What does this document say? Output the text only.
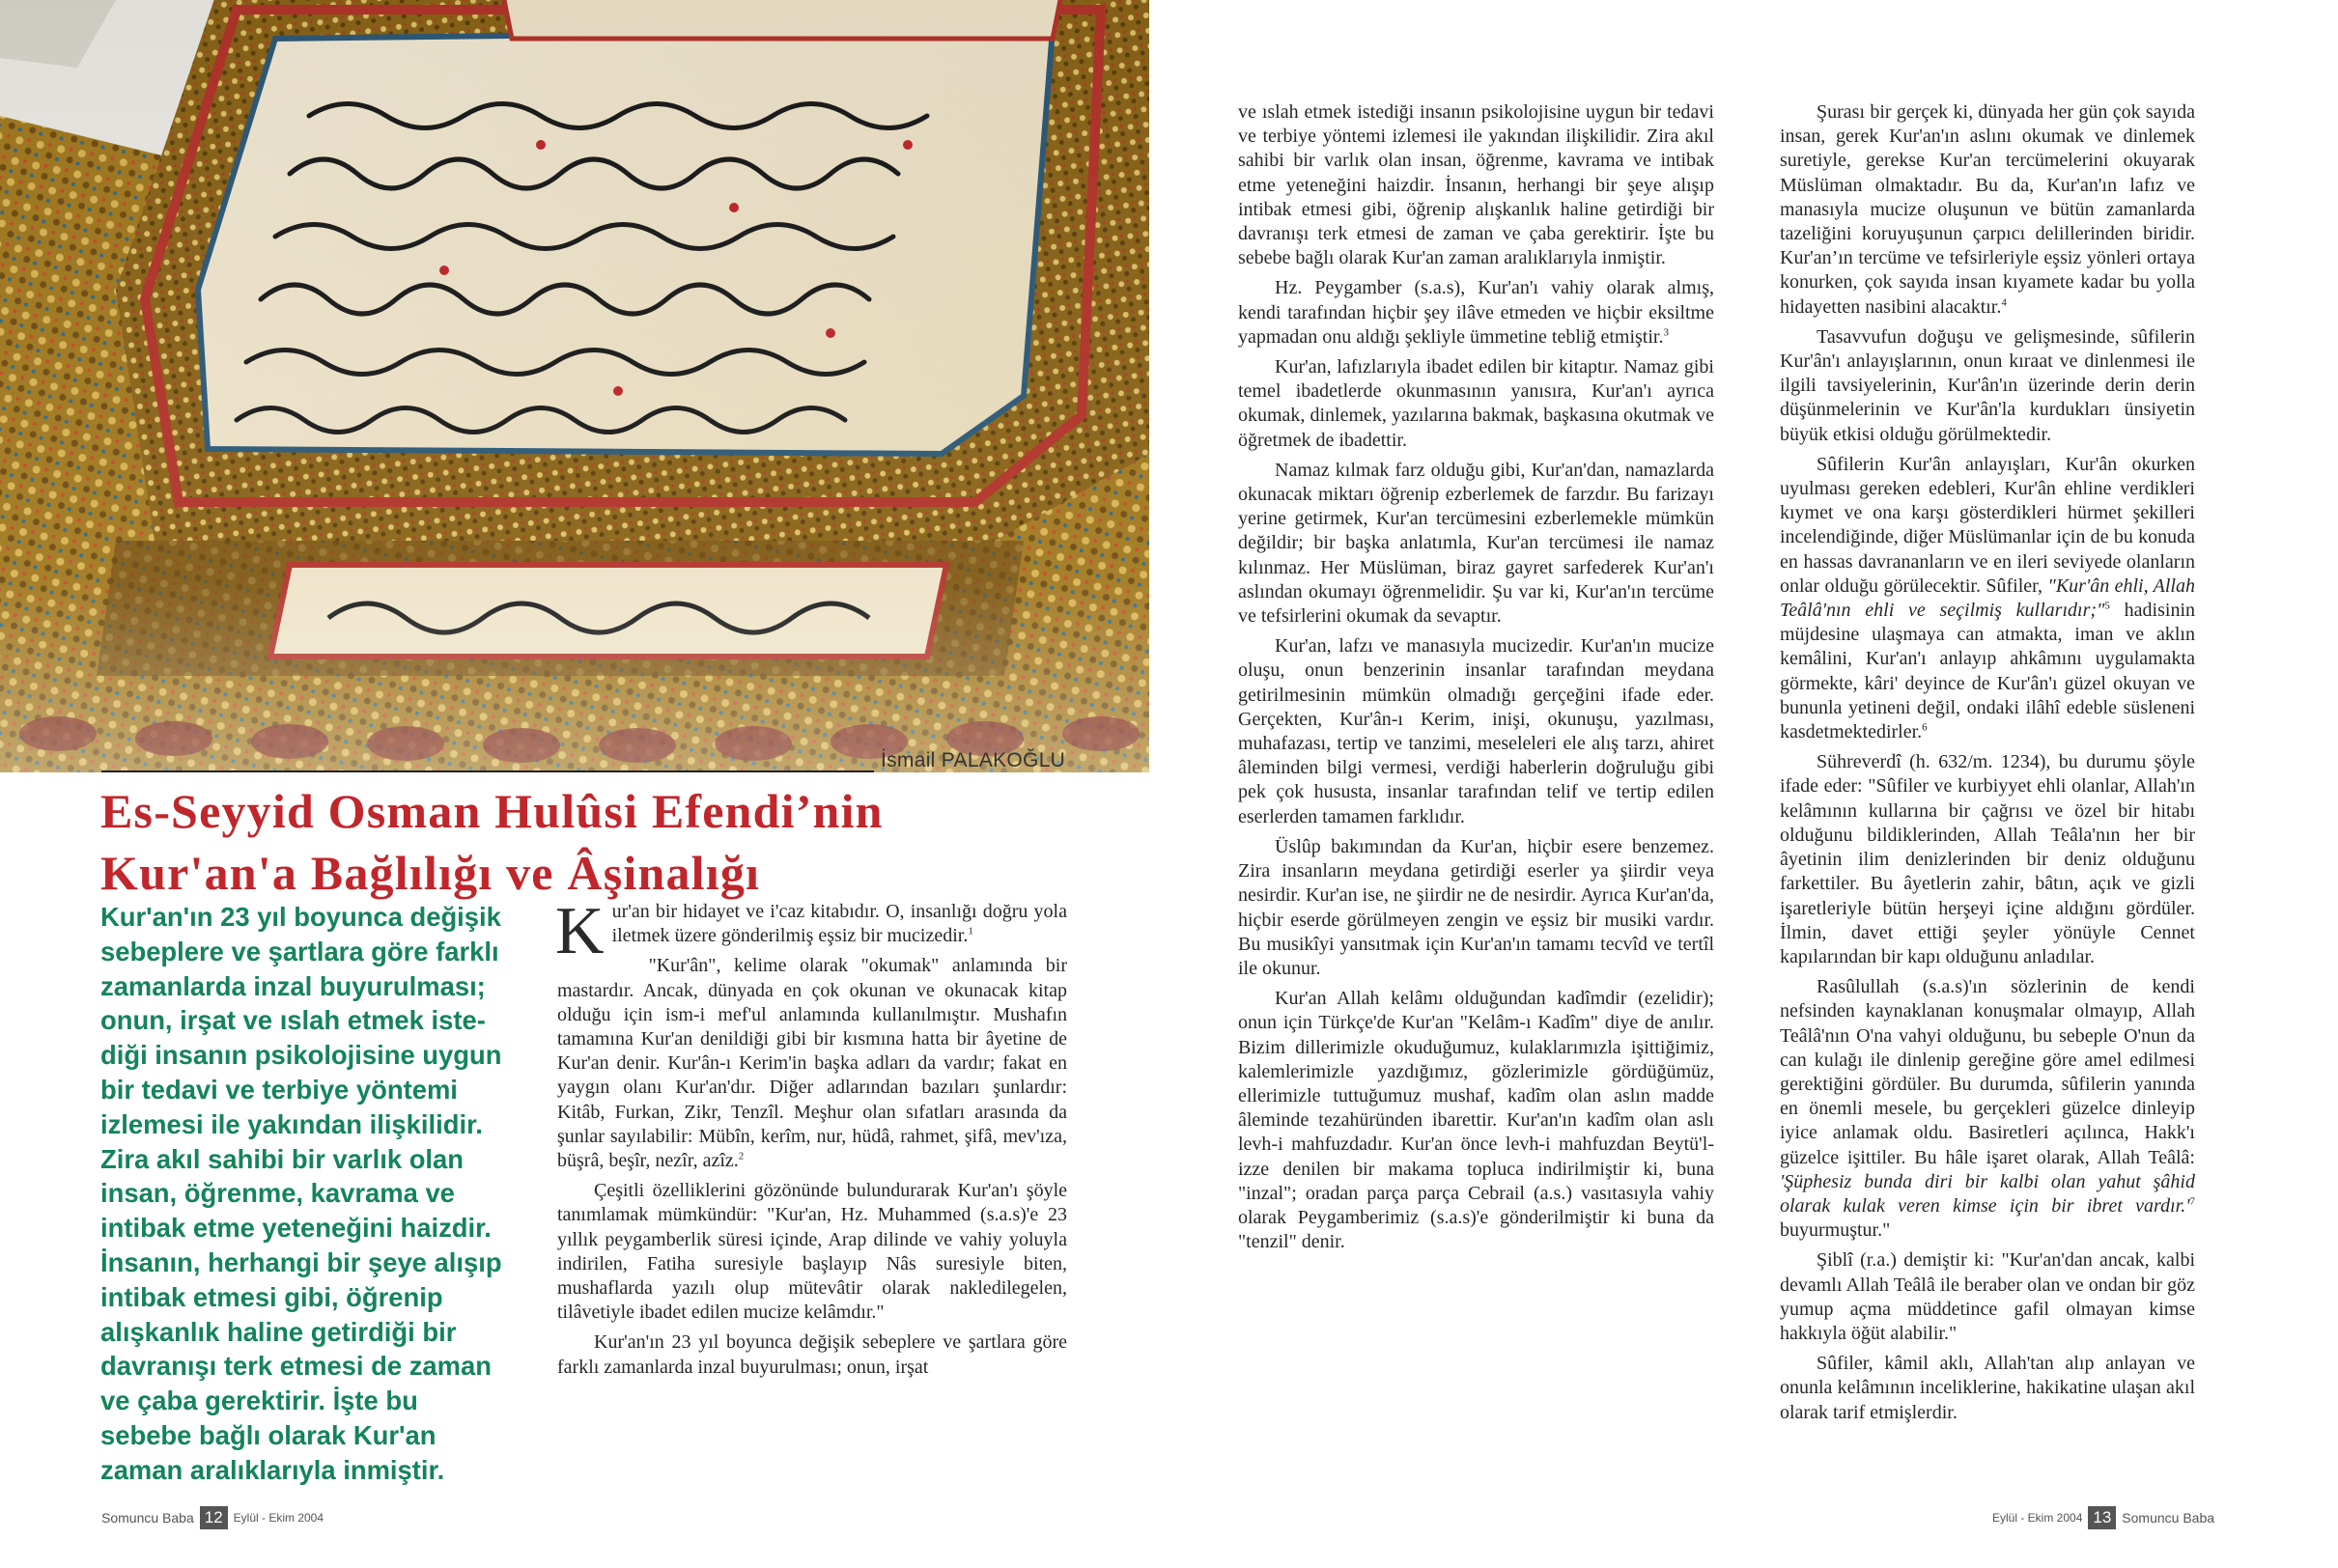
İsmail PALAKOĞLU
Es-Seyyid Osman Hulûsi Efendi’nin
Kur'an'a Bağlılığı ve Âşinalığı
Kur'an'ın 23 yıl boyunca değişik
sebeplere ve şartlara göre farklı
zamanlarda inzal buyurulması;
onun, irşat ve ıslah etmek iste-
diği insanın psikolojisine uygun
bir tedavi ve terbiye yöntemi
izlemesi ile yakından ilişkilidir.
Zira akıl sahibi bir varlık olan
insan, öğrenme, kavrama ve
intibak etme yeteneğini haizdir.
İnsanın, herhangi bir şeye alışıp
intibak etmesi gibi, öğrenip
alışkanlık haline getirdiği bir
davranışı terk etmesi de zaman
ve çaba gerektirir. İşte bu
sebebe bağlı olarak Kur'an
zaman aralıklarıyla inmiştir.

Kur'an bir hidayet ve i'caz kitabıdır. O, insanlığı doğru yola iletmek üzere gönderilmiş eşsiz bir mucizedir.$^1$

"Kur'ân", kelime olarak "okumak" anlamında bir mastardır. Ancak, dünyada en çok okunan ve okunacak kitap olduğu için ism-i mef'ul anlamında kullanılmıştır. Mushafın tamamına Kur'an denildiği gibi bir kısmına hatta bir âyetine de Kur'an denir. Kur'ân-ı Kerim'in başka adları da vardır; fakat en yaygın olanı Kur'an'dır. Diğer adlarından bazıları şunlardır: Kitâb, Furkan, Zikr, Tenzîl. Meşhur olan sıfatları arasında da şunlar sayılabilir: Mübîn, kerîm, nur, hüdâ, rahmet, şifâ, mev'ıza, büşrâ, beşîr, nezîr, azîz.$^2$

Çeşitli özelliklerini gözönünde bulundurarak Kur'an'ı şöyle tanımlamak mümkündür: "Kur'an, Hz. Muhammed (s.a.s)'e 23 yıllık peygamberlik süresi içinde, Arap dilinde ve vahiy yoluyla indirilen, Fatiha suresiyle başlayıp Nâs suresiyle biten, mushaflarda yazılı olup mütevâtir olarak nakledilegelen, tilâvetiyle ibadet edilen mucize kelâmdır."

Kur'an'ın 23 yıl boyunca değişik sebeplere ve şartlara göre farklı zamanlarda inzal buyurulması; onun, irşat

ve ıslah etmek istediği insanın psikolojisine uygun bir tedavi ve terbiye yöntemi izlemesi ile yakından ilişkilidir. Zira akıl sahibi bir varlık olan insan, öğrenme, kavrama ve intibak etme yeteneğini haizdir. İnsanın, herhangi bir şeye alışıp intibak etmesi gibi, öğrenip alışkanlık haline getirdiği bir davranışı terk etmesi de zaman ve çaba gerektirir. İşte bu sebebe bağlı olarak Kur'an zaman aralıklarıyla inmiştir.

Hz. Peygamber (s.a.s), Kur'an'ı vahiy olarak almış, kendi tarafından hiçbir şey ilâve etmeden ve hiçbir eksiltme yapmadan onu aldığı şekliyle ümmetine tebliğ etmiştir.$^3$

Kur'an, lafızlarıyla ibadet edilen bir kitaptır. Namaz gibi temel ibadetlerde okunmasının yanısıra, Kur'an'ı ayrıca okumak, dinlemek, yazılarına bakmak, başkasına okutmak ve öğretmek de ibadettir.

Namaz kılmak farz olduğu gibi, Kur'an'dan, namazlarda okunacak miktarı öğrenip ezberlemek de farzdır. Bu farizayı yerine getirmek, Kur'an tercümesini ezberlemekle mümkün değildir; bir başka anlatımla, Kur'an tercümesi ile namaz kılınmaz. Her Müslüman, biraz gayret sarfederek Kur'an'ı aslından okumayı öğrenmelidir. Şu var ki, Kur'an'ın tercüme ve tefsirlerini okumak da sevaptır.

Kur'an, lafzı ve manasıyla mucizedir. Kur'an'ın mucize oluşu, onun benzerinin insanlar tarafından meydana getirilmesinin mümkün olmadığı gerçeğini ifade eder. Gerçekten, Kur'ân-ı Kerim, inişi, okunuşu, yazılması, muhafazası, tertip ve tanzimi, meseleleri ele alış tarzı, ahiret âleminden bilgi vermesi, verdiği haberlerin doğruluğu gibi pek çok hususta, insanlar tarafından telif ve tertip edilen eserlerden tamamen farklıdır.

Üslûp bakımından da Kur'an, hiçbir esere benzemez. Zira insanların meydana getirdiği eserler ya şiirdir veya nesirdir. Kur'an ise, ne şiirdir ne de nesirdir. Ayrıca Kur'an'da, hiçbir eserde görülmeyen zengin ve eşsiz bir musiki vardır. Bu musikîyi yansıtmak için Kur'an'ın tamamı tecvîd ve tertîl ile okunur.

Kur'an Allah kelâmı olduğundan kadîmdir (ezelidir); onun için Türkçe'de Kur'an "Kelâm-ı Kadîm" diye de anılır. Bizim dillerimizle okuduğumuz, kulaklarımızla işittiğimiz, kalemlerimizle yazdığımız, gözlerimizle gördüğümüz, ellerimizle tuttuğumuz mushaf, kadîm olan aslın madde âleminde tezahüründen ibarettir. Kur'an'ın kadîm olan aslı levh-i mahfuzdadır. Kur'an önce levh-i mahfuzdan Beytü'l-izze denilen bir makama topluca indirilmiştir ki, buna "inzal"; oradan parça parça Cebrail (a.s.) vasıtasıyla vahiy olarak Peygamberimiz (s.a.s)'e gönderilmiştir ki buna da "tenzil" denir.

Şurası bir gerçek ki, dünyada her gün çok sayıda insan, gerek Kur'an'ın aslını okumak ve dinlemek suretiyle, gerekse Kur'an tercümelerini okuyarak Müslüman olmaktadır. Bu da, Kur'an'ın lafız ve manasıyla mucize oluşunun ve bütün zamanlarda tazeliğini koruyuşunun çarpıcı delillerinden biridir. Kur'an’ın tercüme ve tefsirleriyle eşsiz yönleri ortaya konurken, çok sayıda insan kıyamete kadar bu yolla hidayetten nasibini alacaktır.$^4$

Tasavvufun doğuşu ve gelişmesinde, sûfilerin Kur'ân'ı anlayışlarının, onun kıraat ve dinlenmesi ile ilgili tavsiyelerinin, Kur'ân'ın üzerinde derin derin düşünmelerinin ve Kur'ân'la kurdukları ünsiyetin büyük etkisi olduğu görülmektedir.

Sûfilerin Kur'ân anlayışları, Kur'ân okurken uyulması gereken edebleri, Kur'ân ehline verdikleri kıymet ve ona karşı gösterdikleri hürmet şekilleri incelendiğinde, diğer Müslümanlar için de bu konuda en hassas davrananların ve en ileri seviyede olanların onlar olduğu görülecektir. Sûfiler, "Kur'ân ehli, Allah Teâlâ'nın ehli ve seçilmiş kullarıdır;"$^5$ hadisinin müjdesine ulaşmaya can atmakta, iman ve aklın kemâlini, Kur'an'ı anlayıp ahkâmını uygulamakta görmekte, kâri' deyince de Kur'ân'ı güzel okuyan ve bununla yetineni değil, ondaki ilâhî edeble süsleneni kasdetmektedirler.$^6$

Sühreverdî (h. 632/m. 1234), bu durumu şöyle ifade eder: "Sûfiler ve kurbiyyet ehli olanlar, Allah'ın kelâmının kullarına bir çağrısı ve özel bir hitabı olduğunu bildiklerinden, Allah Teâla'nın her bir âyetinin ilim denizlerinden bir deniz olduğunu farkettiler. Bu âyetlerin zahir, bâtın, açık ve gizli işaretleriyle bütün herşeyi içine aldığını gördüler. İlmin, davet ettiği şeyler yönüyle Cennet kapılarından bir kapı olduğunu anladılar.

Rasûlullah (s.a.s)'ın sözlerinin de kendi nefsinden kaynaklanan konuşmalar olmayıp, Allah Teâlâ'nın O'na vahyi olduğunu, bu sebeple O'nun da can kulağı ile dinlenip gereğine göre amel edilmesi gerektiğini gördüler. Bu durumda, sûfilerin yanında en önemli mesele, bu gerçekleri güzelce dinleyip iyice anlamak oldu. Basiretleri açılınca, Hakk'ı güzelce işittiler. Bu hâle işaret olarak, Allah Teâlâ: 'Şüphesiz bunda diri bir kalbi olan yahut şâhid olarak kulak veren kimse için bir ibret $vardır.'^7$ buyurmuştur."

Şiblî (r.a.) demiştir ki: "Kur'an'dan ancak, kalbi devamlı Allah Teâlâ ile beraber olan ve ondan bir göz yumup açma müddetince gafil olmayan kimse hakkıyla öğüt alabilir."

Sûfiler, kâmil aklı, Allah'tan alıp anlayan ve onunla kelâmının inceliklerine, hakikatine ulaşan akıl olarak tarif etmişlerdir.

Somuncu Baba 12 Eylül - Ekim 2004	Eylül - Ekim 2004 13 Somuncu Baba
